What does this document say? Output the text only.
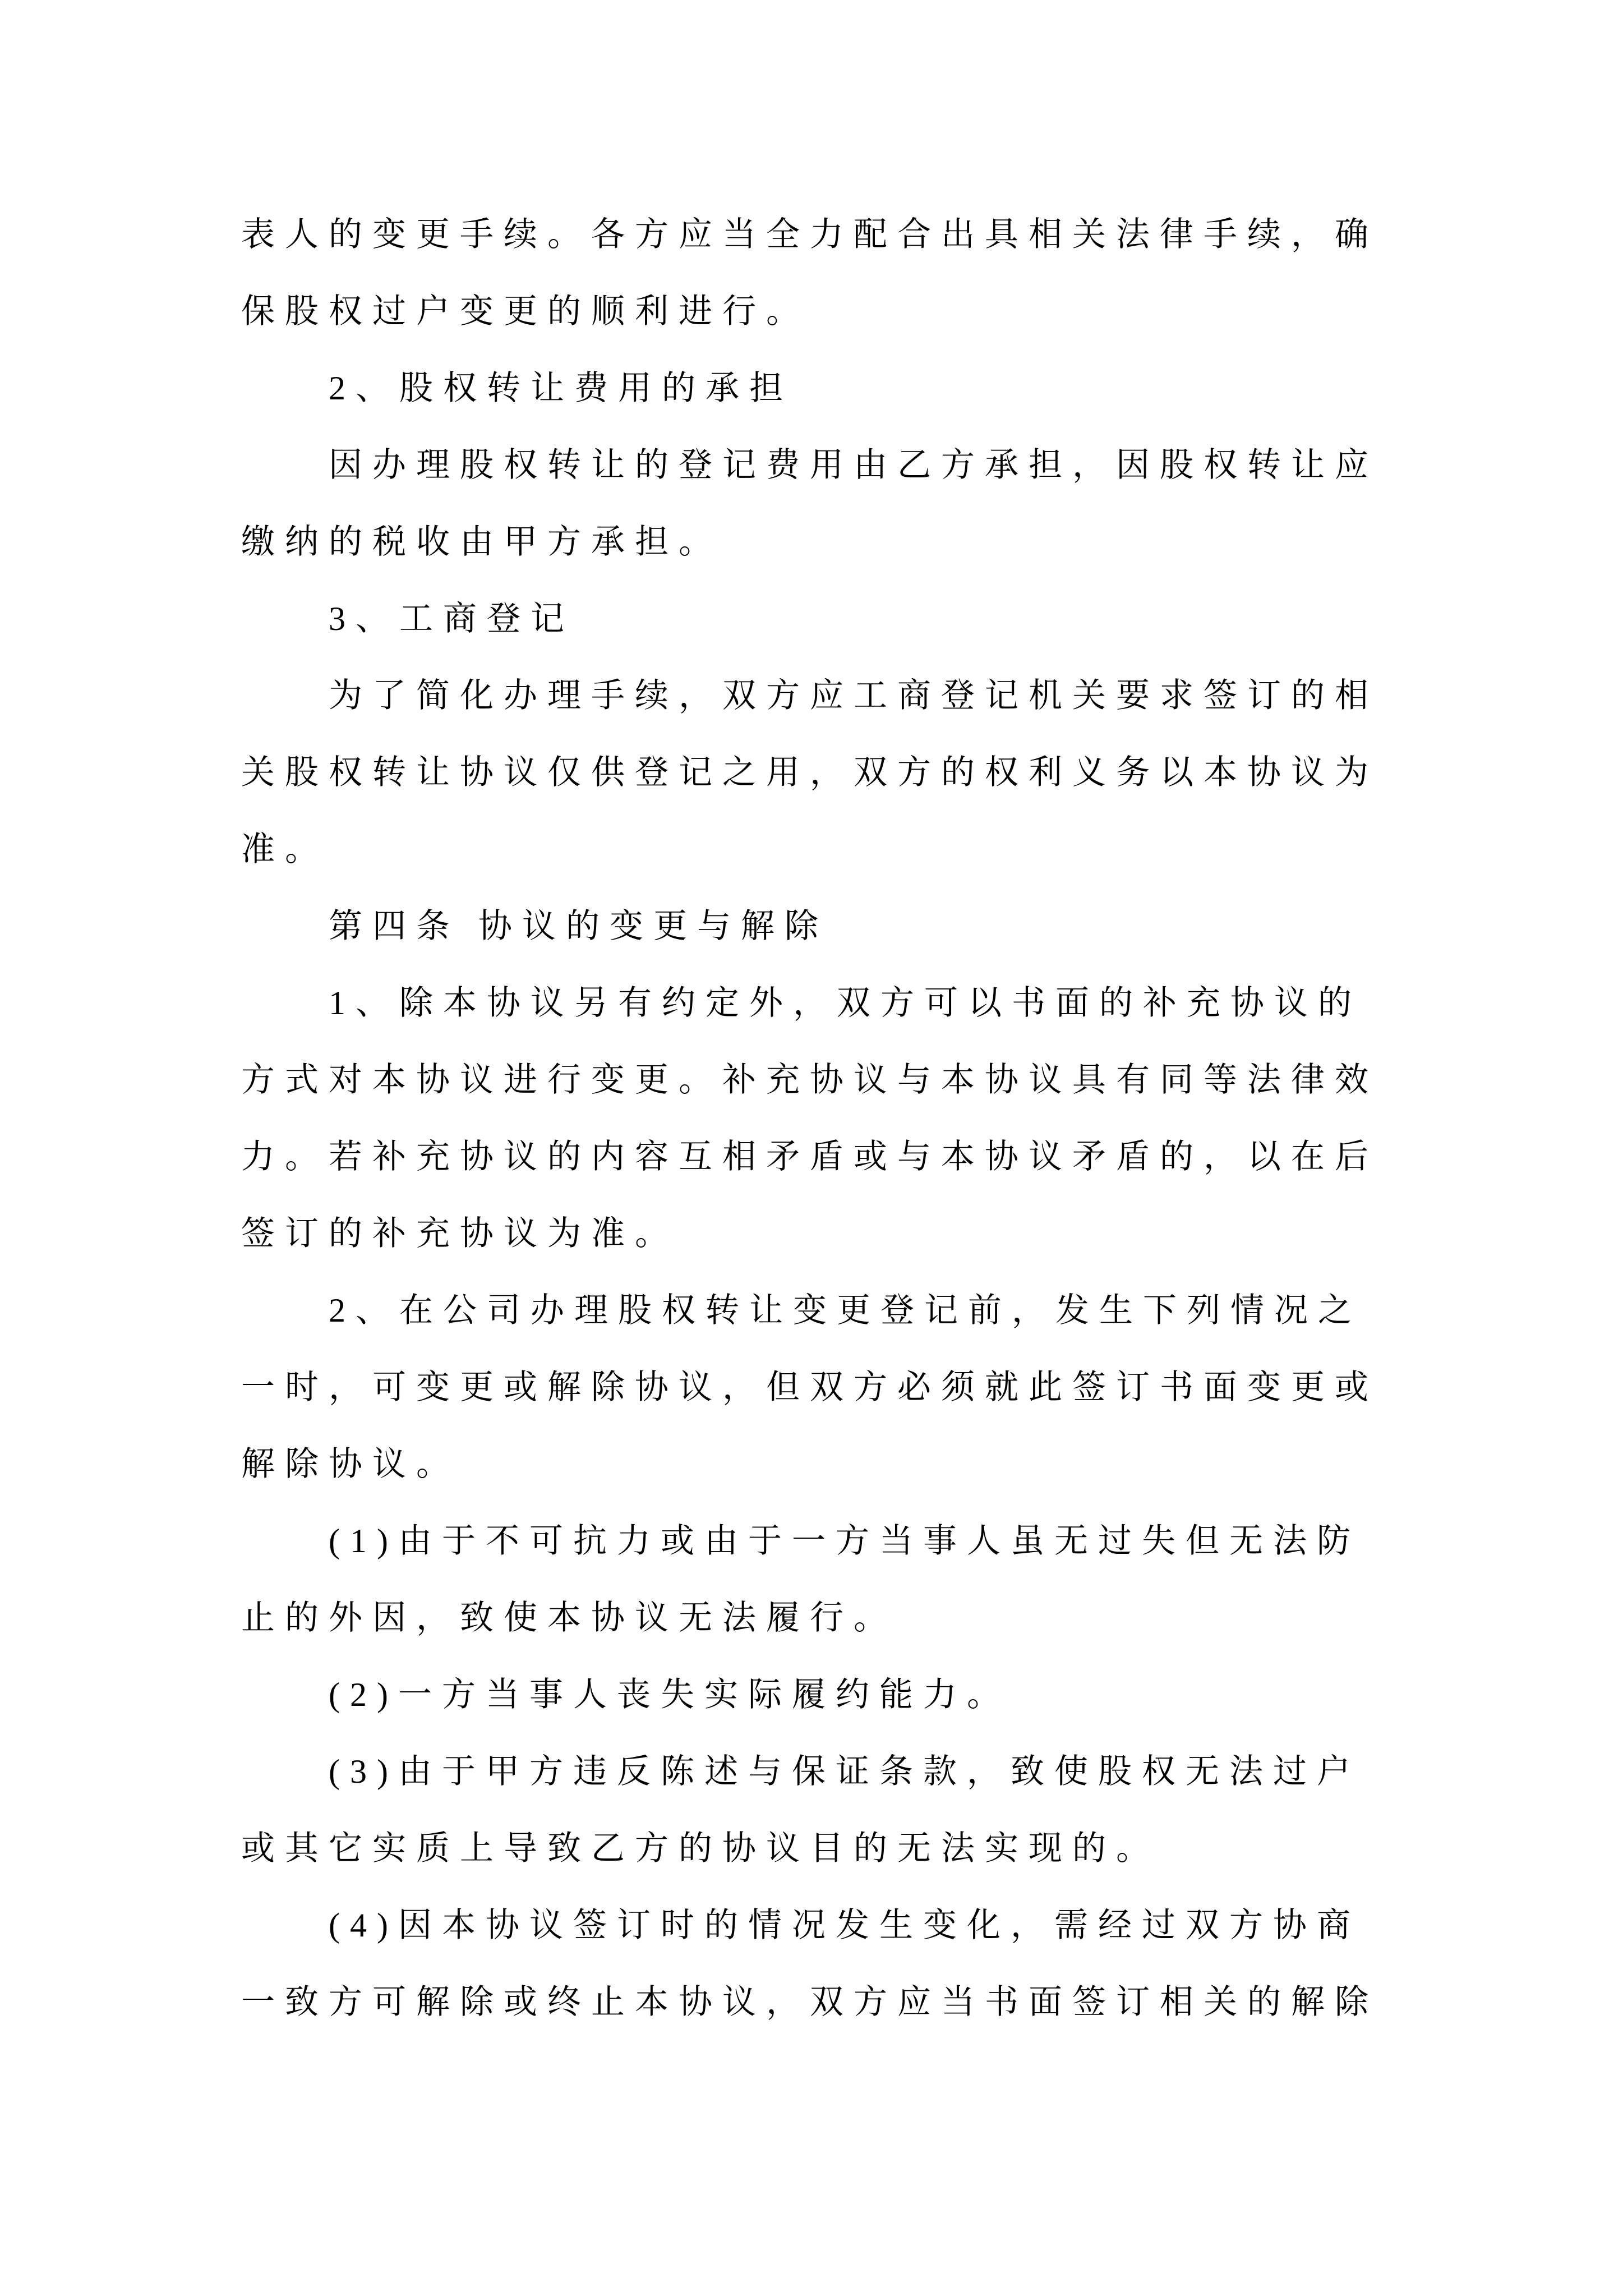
表人的变更手续。各方应当全力配合出具相关法律手续，确
保股权过户变更的顺利进行。
2、股权转让费用的承担
因办理股权转让的登记费用由乙方承担，因股权转让应
缴纳的税收由甲方承担。
3、工商登记
为了简化办理手续，双方应工商登记机关要求签订的相
关股权转让协议仅供登记之用，双方的权利义务以本协议为
准。
第四条 协议的变更与解除
1、除本协议另有约定外，双方可以书面的补充协议的
方式对本协议进行变更。补充协议与本协议具有同等法律效
力。若补充协议的内容互相矛盾或与本协议矛盾的，以在后
签订的补充协议为准。
2、在公司办理股权转让变更登记前，发生下列情况之
一时，可变更或解除协议，但双方必须就此签订书面变更或
解除协议。
(1)由于不可抗力或由于一方当事人虽无过失但无法防
止的外因，致使本协议无法履行。
(2)一方当事人丧失实际履约能力。
(3)由于甲方违反陈述与保证条款，致使股权无法过户
或其它实质上导致乙方的协议目的无法实现的。
(4)因本协议签订时的情况发生变化，需经过双方协商
一致方可解除或终止本协议，双方应当书面签订相关的解除
